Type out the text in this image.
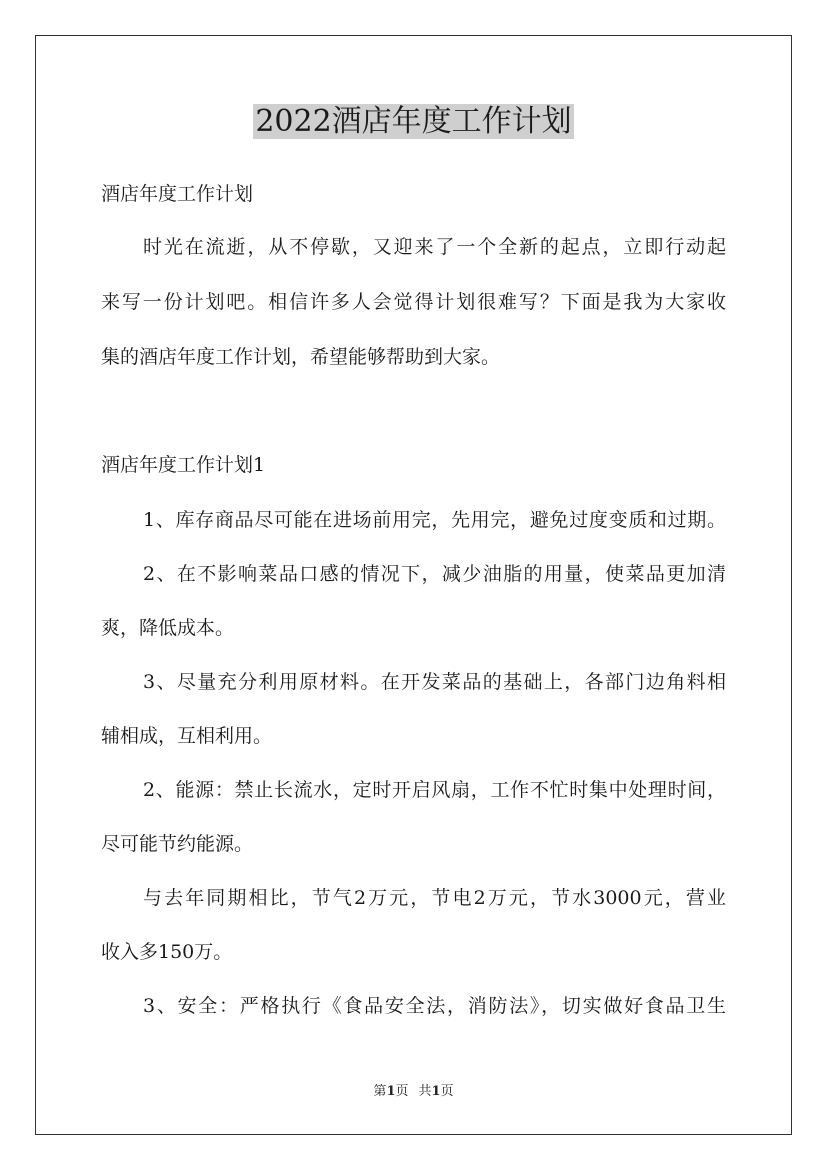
2022酒店年度工作计划
酒店年度工作计划
时光在流逝，从不停歇，又迎来了一个全新的起点，立即行动起
来写一份计划吧。相信许多人会觉得计划很难写？下面是我为大家收
集的酒店年度工作计划，希望能够帮助到大家。
酒店年度工作计划1
1、库存商品尽可能在进场前用完，先用完，避免过度变质和过期。
2、在不影响菜品口感的情况下，减少油脂的用量，使菜品更加清
爽，降低成本。
3、尽量充分利用原材料。在开发菜品的基础上，各部门边角料相
辅相成，互相利用。
2、能源：禁止长流水，定时开启风扇，工作不忙时集中处理时间，
尽可能节约能源。
与去年同期相比，节气2万元，节电2万元，节水3000元，营业
收入多150万。
3、安全：严格执行《食品安全法，消防法》，切实做好食品卫生
第1页 共1页
